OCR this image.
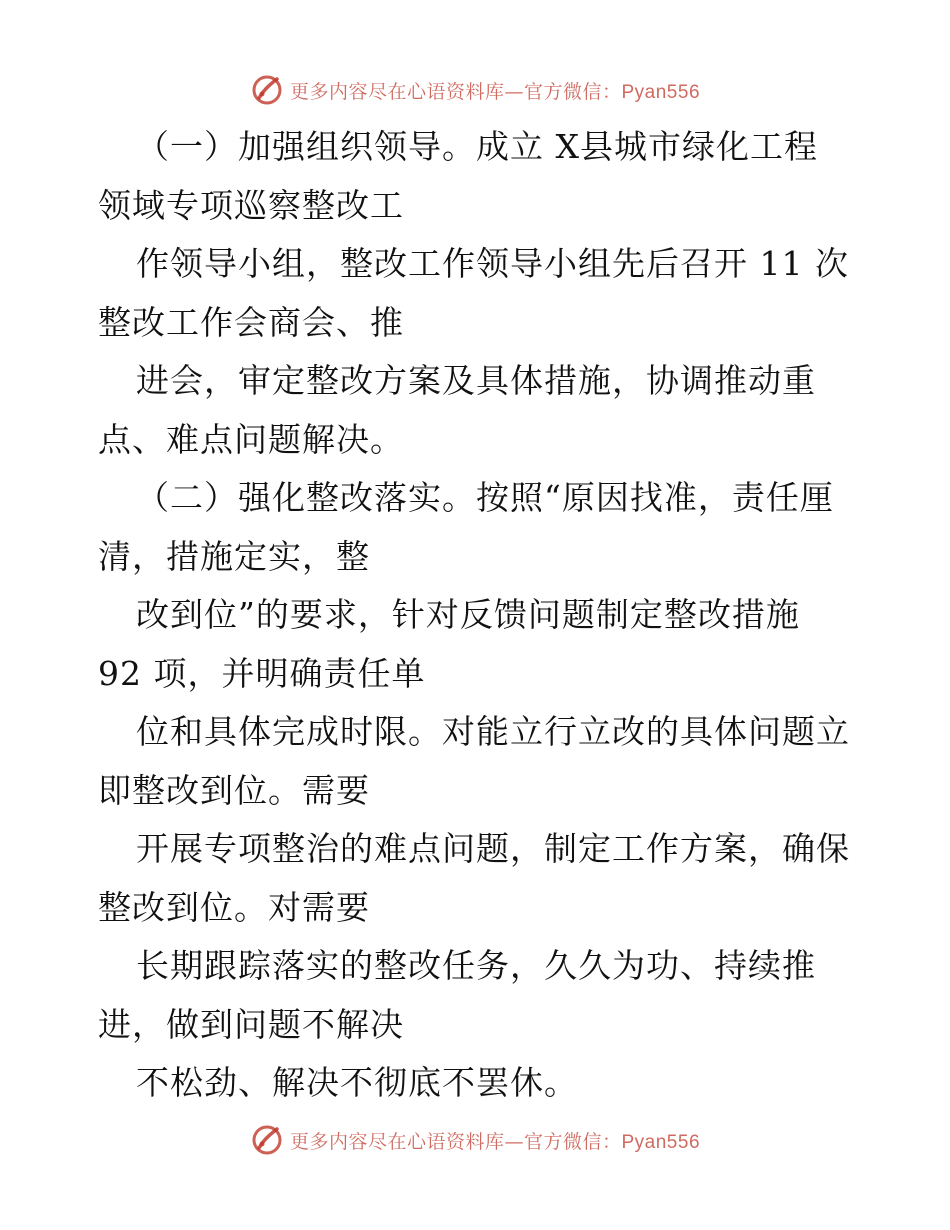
更多内容尽在心语资料库—官方微信：Pyan556
（一）加强组织领导。成立 X县城市绿化工程
领域专项巡察整改工
作领导小组，整改工作领导小组先后召开 11 次
整改工作会商会、推
进会，审定整改方案及具体措施，协调推动重
点、难点问题解决。
（二）强化整改落实。按照“原因找准，责任厘
清，措施定实，整
改到位”的要求，针对反馈问题制定整改措施
92 项，并明确责任单
位和具体完成时限。对能立行立改的具体问题立
即整改到位。需要
开展专项整治的难点问题，制定工作方案，确保
整改到位。对需要
长期跟踪落实的整改任务，久久为功、持续推
进，做到问题不解决
不松劲、解决不彻底不罢休。
更多内容尽在心语资料库—官方微信：Pyan556
